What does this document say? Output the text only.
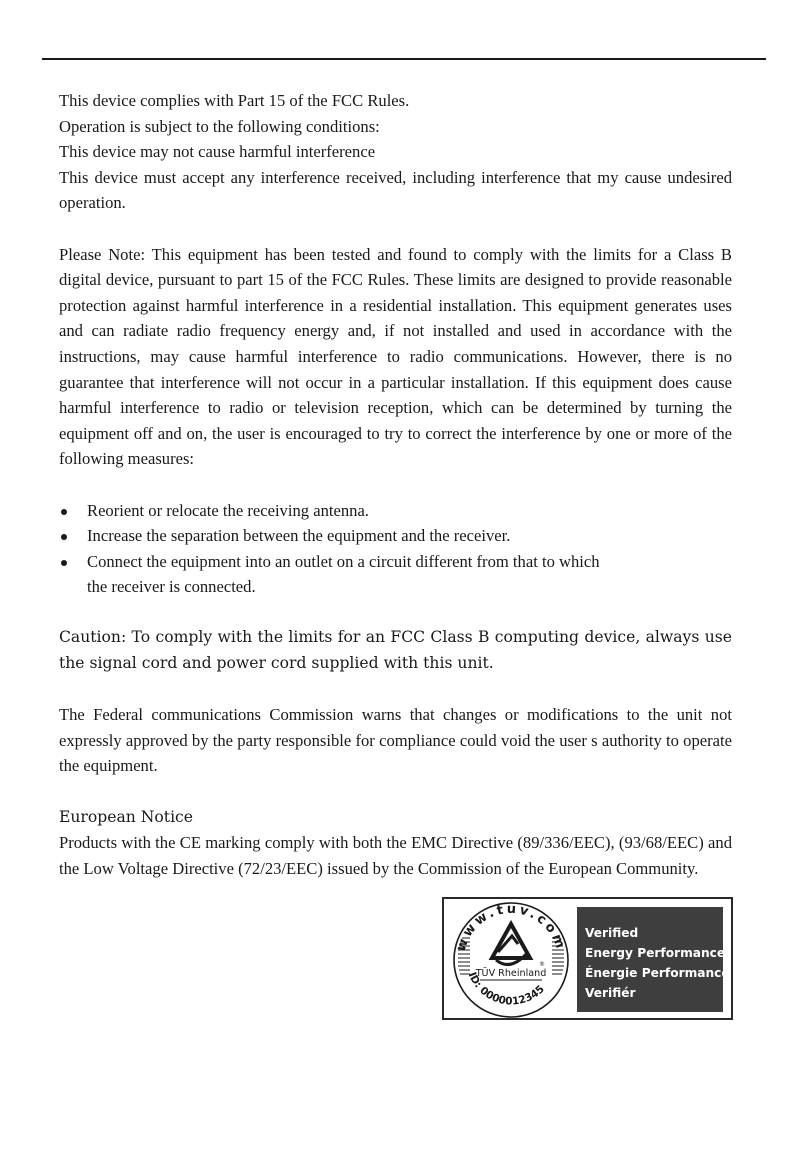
This device complies with Part 15 of the FCC Rules.
Operation is subject to the following conditions:
This device may not cause harmful interference

This device must accept any interference received, including interference that my cause undesired operation.

Please Note: This equipment has been tested and found to comply with the limits for a Class B digital device, pursuant to part 15 of the FCC Rules. These limits are designed to provide reasonable protection against harmful interference in a residential installation. This equipment generates uses and can radiate radio frequency energy and, if not installed and used in accordance with the instructions, may cause harmful interference to radio communications. However, there is no guarantee that interference will not occur in a particular installation. If this equipment does cause harmful interference to radio or television reception, which can be determined by turning the equipment off and on, the user is encouraged to try to correct the interference by one or more of the following measures:

Reorient or relocate the receiving antenna.
Increase the separation between the equipment and the receiver.
Connect the equipment into an outlet on a circuit different from that to which
the receiver is connected.

Caution: To comply with the limits for an FCC Class B computing device, always use the signal cord and power cord supplied with this unit.

The Federal communications Commission warns that changes or modifications to the unit not expressly approved by the party responsible for compliance could void the user s authority to operate the equipment.

European Notice

Products with the CE marking comply with both the EMC Directive (89/336/EEC), (93/68/EEC) and the Low Voltage Directive (72/23/EEC) issued by the Commission of the European Community.

www.tuv.com
®
TÜV Rheinland
ID: 0000012345
Verified
Energy Performance
Énergie Performance
Verifiér
